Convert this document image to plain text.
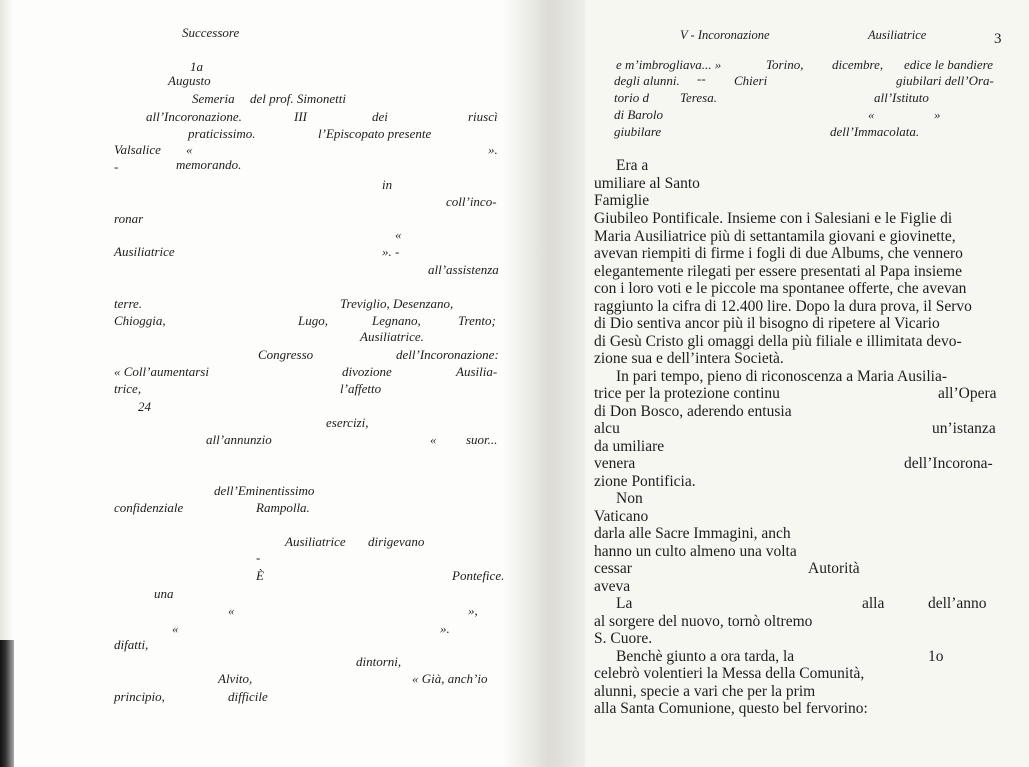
Successore
1a
Augusto
Semeria del prof. Simonetti
all’Incoronazione.	III	dei	riuscì
praticissimo.	l’Episcopato presente
Valsalice «	».
-	memorando.
in
coll’inco-
ronar
«
Ausiliatrice	». -
all’assistenza
terre.	Treviglio, Desenzano,
Chioggia,	Lugo,	Legnano,	Trento;
Ausiliatrice.
Congresso	dell’Incoronazione:
« Coll’aumentarsi	divozione	Ausilia-
trice,	l’affetto
24
esercizi,
all’annunzio	« suor...
dell’Eminentissimo
confidenziale	Rampolla.
Ausiliatrice dirigevano
-
È	Pontefice.
una
«	»,
«	».
difatti,
dintorni,
Alvito,	« Già, anch’io
principio,	difficile
V - Incoronazione	Ausiliatrice	3
e m’imbrogliava... »	Torino, dicembre, edice le bandiere
degli alunni. -- Chieri	giubilari dell’Ora-
torio d Teresa.	all’Istituto
di Barolo	«	»
giubilare	dell’Immacolata.
Era a
umiliare al Santo
Famiglie
Giubileo Pontificale. Insieme con i Salesiani e le Figlie di
Maria Ausiliatrice più di settantamila giovani e giovinette,
avevan riempiti di firme i fogli di due Albums, che vennero
elegantemente rilegati per essere presentati al Papa insieme
con i loro voti e le piccole ma spontanee offerte, che avevan
raggiunto la cifra di 12.400 lire. Dopo la dura prova, il Servo
di Dio sentiva ancor più il bisogno di ripetere al Vicario
di Gesù Cristo gli omaggi della più filiale e illimitata devo-
zione sua e dell’intera Società.
In pari tempo, pieno di riconoscenza a Maria Ausilia-
trice per la protezione continu	all’Opera
di Don Bosco, aderendo entusia
alcu	un’istanza
da umiliare
venera	dell’Incorona-
zione Pontificia.
Non
Vaticano
darla alle Sacre Immagini, anch
hanno un culto almeno una volta
cessar	Autorità
aveva
La	alla	dell’anno
al sorgere del nuovo, tornò oltremo
S. Cuore.
Benchè giunto a ora tarda, la	1o
celebrò volentieri la Messa della Comunità,
alunni, specie a vari che per la prim
alla Santa Comunione, questo bel fervorino:
